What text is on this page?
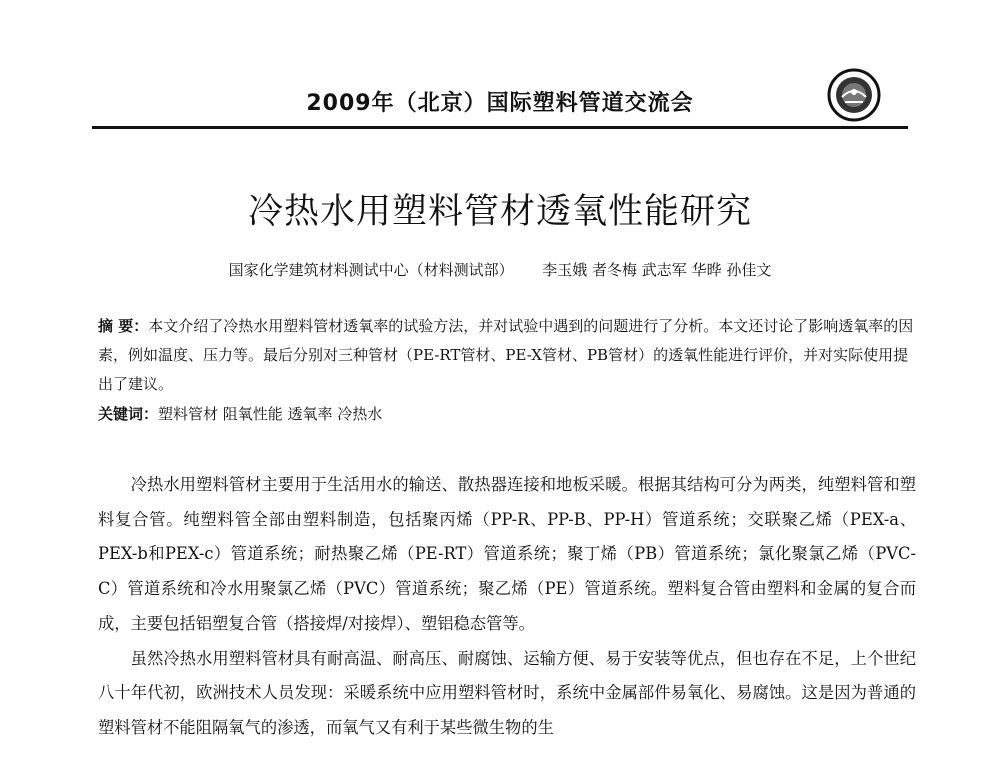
2009年（北京）国际塑料管道交流会
冷热水用塑料管材透氧性能研究
国家化学建筑材料测试中心（材料测试部） 李玉娥 者冬梅 武志军 华晔 孙佳文
摘 要：本文介绍了冷热水用塑料管材透氧率的试验方法，并对试验中遇到的问题进行了分析。本文还讨论了影响透氧率的因素，例如温度、压力等。最后分别对三种管材（PE-RT管材、PE-X管材、PB管材）的透氧性能进行评价，并对实际使用提出了建议。
关键词：塑料管材 阻氧性能 透氧率 冷热水

冷热水用塑料管材主要用于生活用水的输送、散热器连接和地板采暖。根据其结构可分为两类，纯塑料管和塑料复合管。纯塑料管全部由塑料制造，包括聚丙烯（PP-R、PP-B、PP-H）管道系统；交联聚乙烯（PEX-a、PEX-b和PEX-c）管道系统；耐热聚乙烯（PE-RT）管道系统；聚丁烯（PB）管道系统；氯化聚氯乙烯（PVC-C）管道系统和冷水用聚氯乙烯（PVC）管道系统；聚乙烯（PE）管道系统。塑料复合管由塑料和金属的复合而成，主要包括铝塑复合管（搭接焊/对接焊）、塑铝稳态管等。

虽然冷热水用塑料管材具有耐高温、耐高压、耐腐蚀、运输方便、易于安装等优点，但也存在不足，上个世纪八十年代初，欧洲技术人员发现：采暖系统中应用塑料管材时，系统中金属部件易氧化、易腐蚀。这是因为普通的塑料管材不能阻隔氧气的渗透，而氧气又有利于某些微生物的生
